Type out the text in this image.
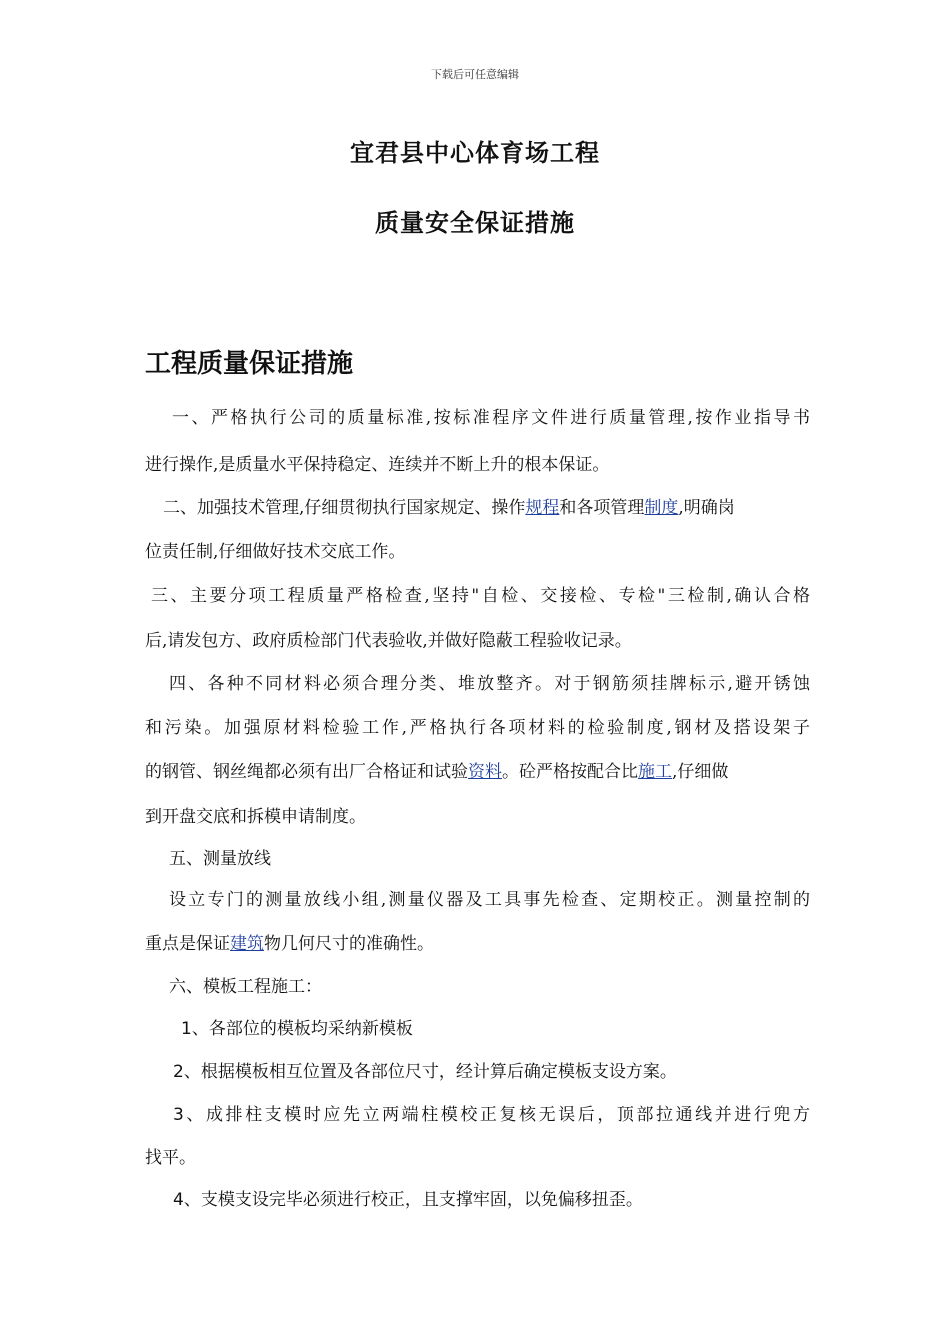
下载后可任意编辑
宜君县中心体育场工程
质量安全保证措施
工程质量保证措施
一、严格执行公司的质量标准,按标准程序文件进行质量管理,按作业指导书
进行操作,是质量水平保持稳定、连续并不断上升的根本保证。
二、加强技术管理,仔细贯彻执行国家规定、操作规程和各项管理制度,明确岗
位责任制,仔细做好技术交底工作。
三、主要分项工程质量严格检查,坚持"自检、交接检、专检"三检制,确认合格
后,请发包方、政府质检部门代表验收,并做好隐蔽工程验收记录。
四、各种不同材料必须合理分类、堆放整齐。对于钢筋须挂牌标示,避开锈蚀
和污染。加强原材料检验工作,严格执行各项材料的检验制度,钢材及搭设架子
的钢管、钢丝绳都必须有出厂合格证和试验资料。砼严格按配合比施工,仔细做
到开盘交底和拆模申请制度。
五、测量放线
设立专门的测量放线小组,测量仪器及工具事先检查、定期校正。测量控制的
重点是保证建筑物几何尺寸的准确性。
六、模板工程施工：
1、各部位的模板均采纳新模板
2、根据模板相互位置及各部位尺寸，经计算后确定模板支设方案。
3、成排柱支模时应先立两端柱模校正复核无误后，顶部拉通线并进行兜方
找平。
4、支模支设完毕必须进行校正，且支撑牢固，以免偏移扭歪。
